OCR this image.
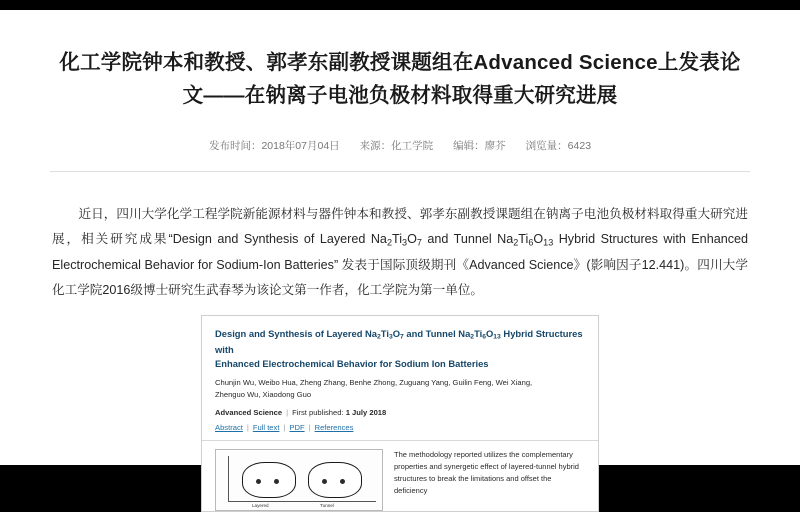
化工学院钟本和教授、郭孝东副教授课题组在Advanced Science上发表论文——在钠离子电池负极材料取得重大研究进展
发布时间：2018年07月04日 来源：化工学院 编辑：廖芥 浏览量：6423

近日，四川大学化学工程学院新能源材料与器件钟本和教授、郭孝东副教授课题组在钠离子电池负极材料取得重大研究进展，相关研究成果“Design and Synthesis of Layered $Na_2Ti_3O_7$ and Tunnel $Na_2Ti_6O_{13}$ Hybrid Structures with Enhanced Electrochemical Behavior for Sodium-Ion Batteries” 发表于国际顶级期刊《Advanced Science》(影响因子12.441)。四川大学化工学院2016级博士研究生武春琴为该论文第一作者，化工学院为第一单位。

Design and Synthesis of Layered $Na_2Ti_3O_7$ and Tunnel $Na_2Ti_6O_{13}$ Hybrid Structures with
Enhanced Electrochemical Behavior for Sodium Ion Batteries
Chunjin Wu, Weibo Hua, Zheng Zhang, Benhe Zhong, Zuguang Yang, Guilin Feng, Wei Xiang,
Zhenguo Wu, Xiaodong Guo
Advanced Science | First published: 1 July 2018
Abstract | Full text | PDF | References
Layered	Tunnel
The methodology reported utilizes the complementary
properties and synergetic effect of layered-tunnel hybrid
structures to break the limitations and offset the deficiency
